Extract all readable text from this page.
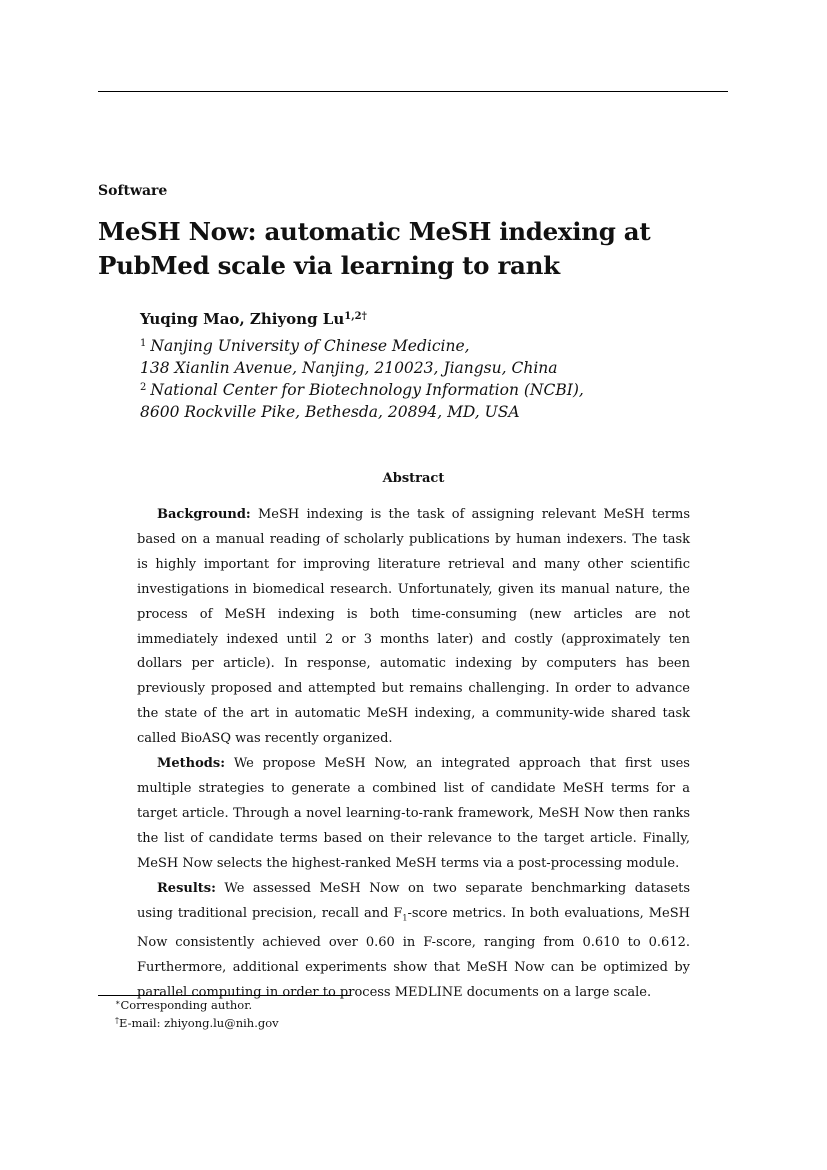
Software
MeSH Now: automatic MeSH indexing at PubMed scale via learning to rank
Yuqing Mao, Zhiyong $Lu^{1,2\dagger}$
$^1$ Nanjing University of Chinese Medicine,
138 Xianlin Avenue, Nanjing, 210023, Jiangsu, China
$^2$ National Center for Biotechnology Information (NCBI),
8600 Rockville Pike, Bethesda, 20894, MD, USA
Abstract

Background: MeSH indexing is the task of assigning relevant MeSH terms based on a manual reading of scholarly publications by human indexers. The task is highly important for improving literature retrieval and many other scientific investigations in biomedical research. Unfortunately, given its manual nature, the process of MeSH indexing is both time-consuming (new articles are not immediately indexed until 2 or 3 months later) and costly (approximately ten dollars per article). In response, automatic indexing by computers has been previously proposed and attempted but remains challenging. In order to advance the state of the art in automatic MeSH indexing, a community-wide shared task called BioASQ was recently organized.

Methods: We propose MeSH Now, an integrated approach that first uses multiple strategies to generate a combined list of candidate MeSH terms for a target article. Through a novel learning-to-rank framework, MeSH Now then ranks the list of candidate terms based on their relevance to the target article. Finally, MeSH Now selects the highest-ranked MeSH terms via a post-processing module.

Results: We assessed MeSH Now on two separate benchmarking datasets using traditional precision, recall and $F_1$-score metrics. In both evaluations, MeSH Now consistently achieved over 0.60 in F-score, ranging from 0.610 to 0.612. Furthermore, additional experiments show that MeSH Now can be optimized by parallel computing in order to process MEDLINE documents on a large scale.

∗Corresponding author.
†E-mail: zhiyong.lu@nih.gov
